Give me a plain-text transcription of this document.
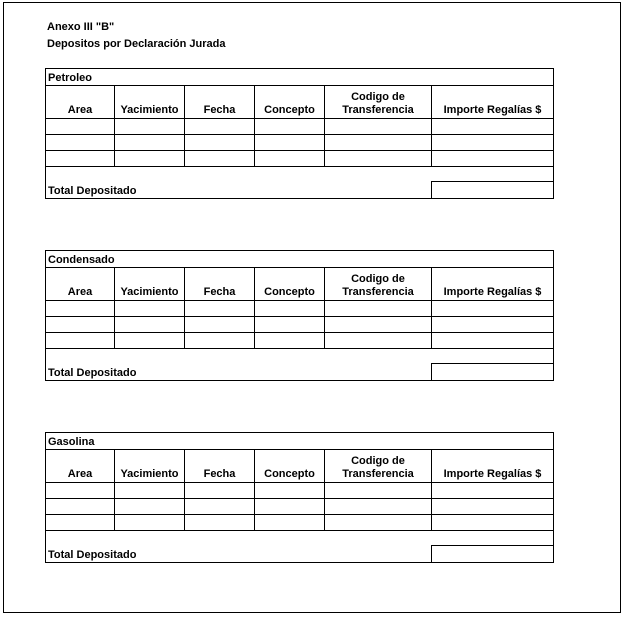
Anexo III "B"
Depositos por Declaración Jurada
Petroleo					
Area	Yacimiento	Fecha	Concepto	Codigo de Transferencia	Importe Regalías $

Total Depositado					
Condensado					
Area	Yacimiento	Fecha	Concepto	Codigo de Transferencia	Importe Regalías $

Total Depositado					
Gasolina					
Area	Yacimiento	Fecha	Concepto	Codigo de Transferencia	Importe Regalías $

Total Depositado					
